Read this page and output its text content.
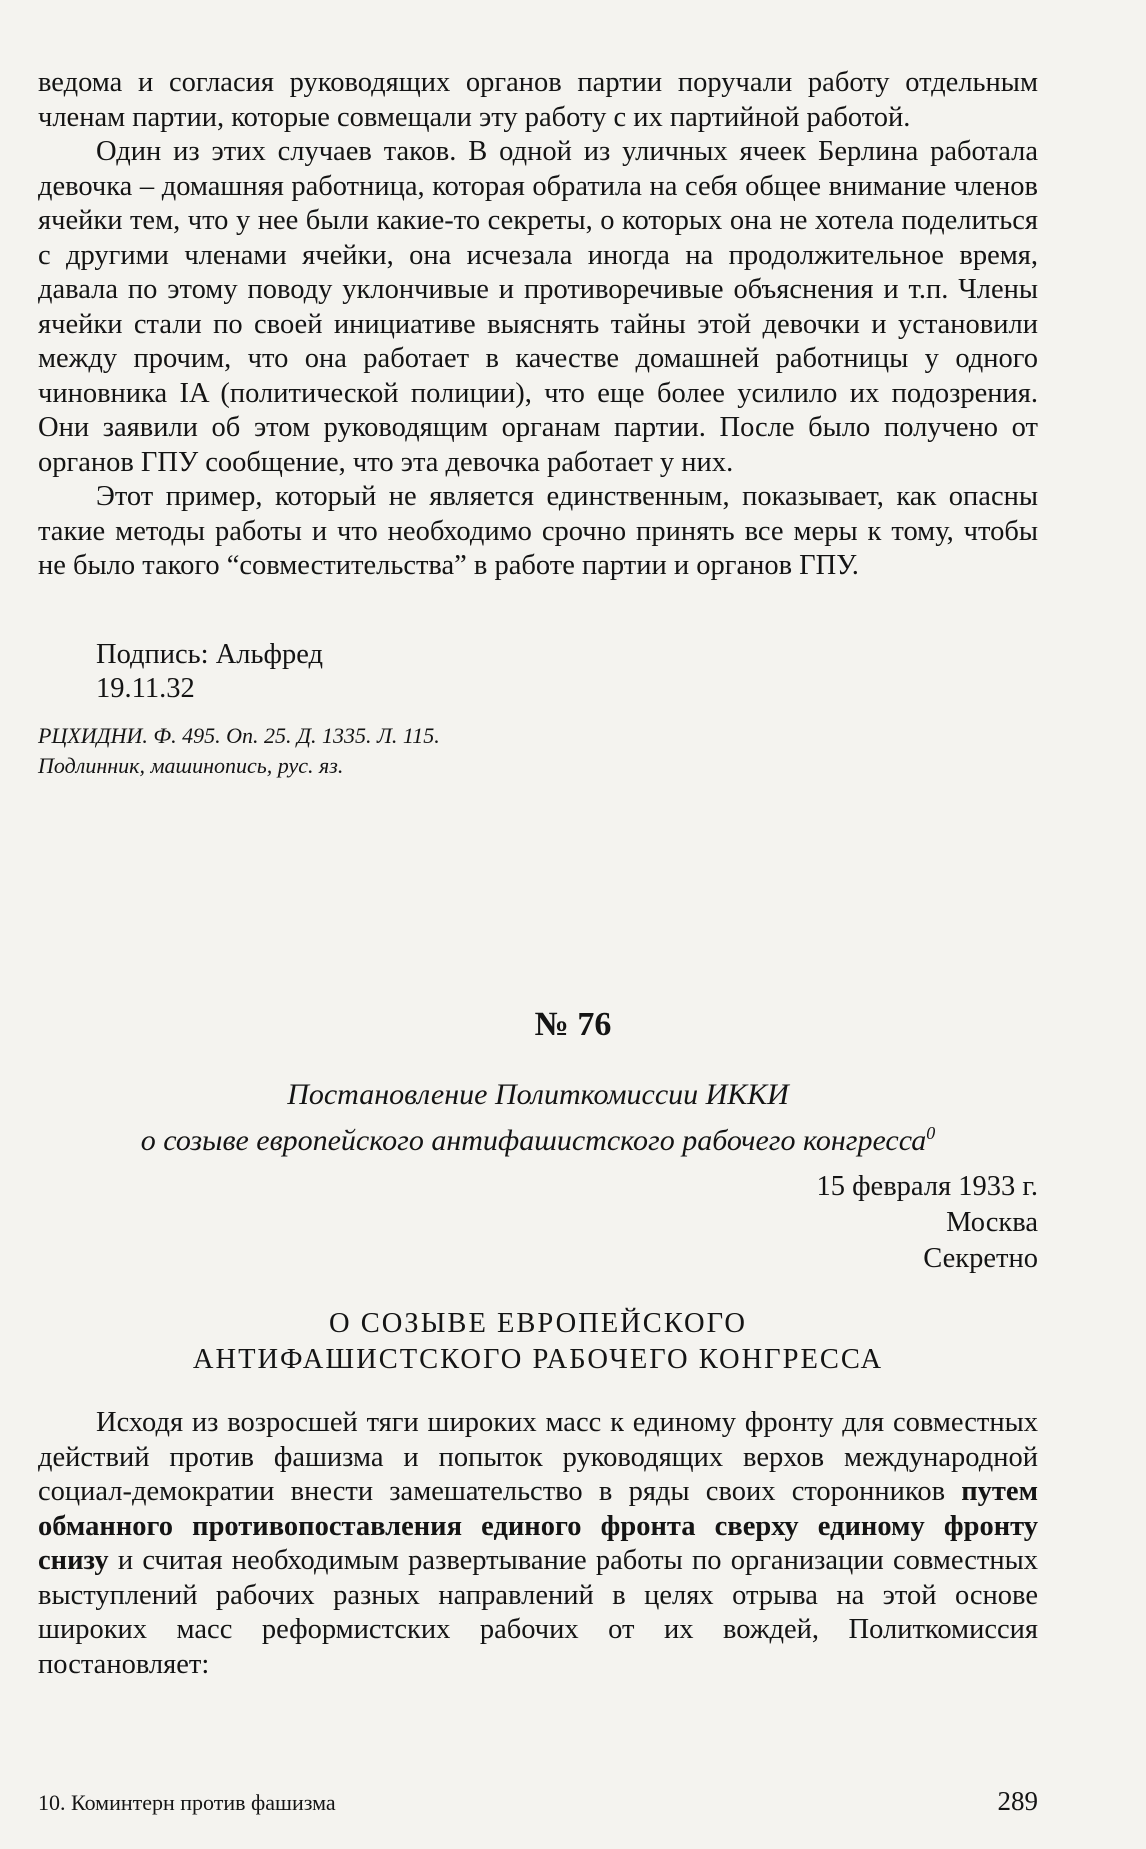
ведома и согласия руководящих органов партии поручали работу отдельным членам партии, которые совмещали эту работу с их партийной работой.

Один из этих случаев таков. В одной из уличных ячеек Берлина работала девочка – домашняя работница, которая обратила на себя общее внимание членов ячейки тем, что у нее были какие-то секреты, о которых она не хотела поделиться с другими членами ячейки, она исчезала иногда на продолжительное время, давала по этому поводу уклончивые и противоречивые объяснения и т.п. Члены ячейки стали по своей инициативе выяснять тайны этой девочки и установили между прочим, что она работает в качестве домашней работницы у одного чиновника IA (политической полиции), что еще более усилило их подозрения. Они заявили об этом руководящим органам партии. После было получено от органов ГПУ сообщение, что эта девочка работает у них.

Этот пример, который не является единственным, показывает, как опасны такие методы работы и что необходимо срочно принять все меры к тому, чтобы не было такого “совместительства” в работе партии и органов ГПУ.

Подпись: Альфред
19.11.32
РЦХИДНИ. Ф. 495. Оп. 25. Д. 1335. Л. 115.
Подлинник, машинопись, рус. яз.
№ 76
Постановление Политкомиссии ИККИ
о созыве европейского антифашистского рабочего конгресса$^0$
15 февраля 1933 г.
Москва
Секретно
О СОЗЫВЕ ЕВРОПЕЙСКОГО
АНТИФАШИСТСКОГО РАБОЧЕГО КОНГРЕССА

Исходя из возросшей тяги широких масс к единому фронту для совместных действий против фашизма и попыток руководящих верхов международной социал-демократии внести замешательство в ряды своих сторонников путем обманного противопоставления единого фронта сверху единому фронту снизу и считая необходимым развертывание работы по организации совместных выступлений рабочих разных направлений в целях отрыва на этой основе широких масс реформистских рабочих от их вождей, Политкомиссия постановляет:

10. Коминтерн против фашизма	289
